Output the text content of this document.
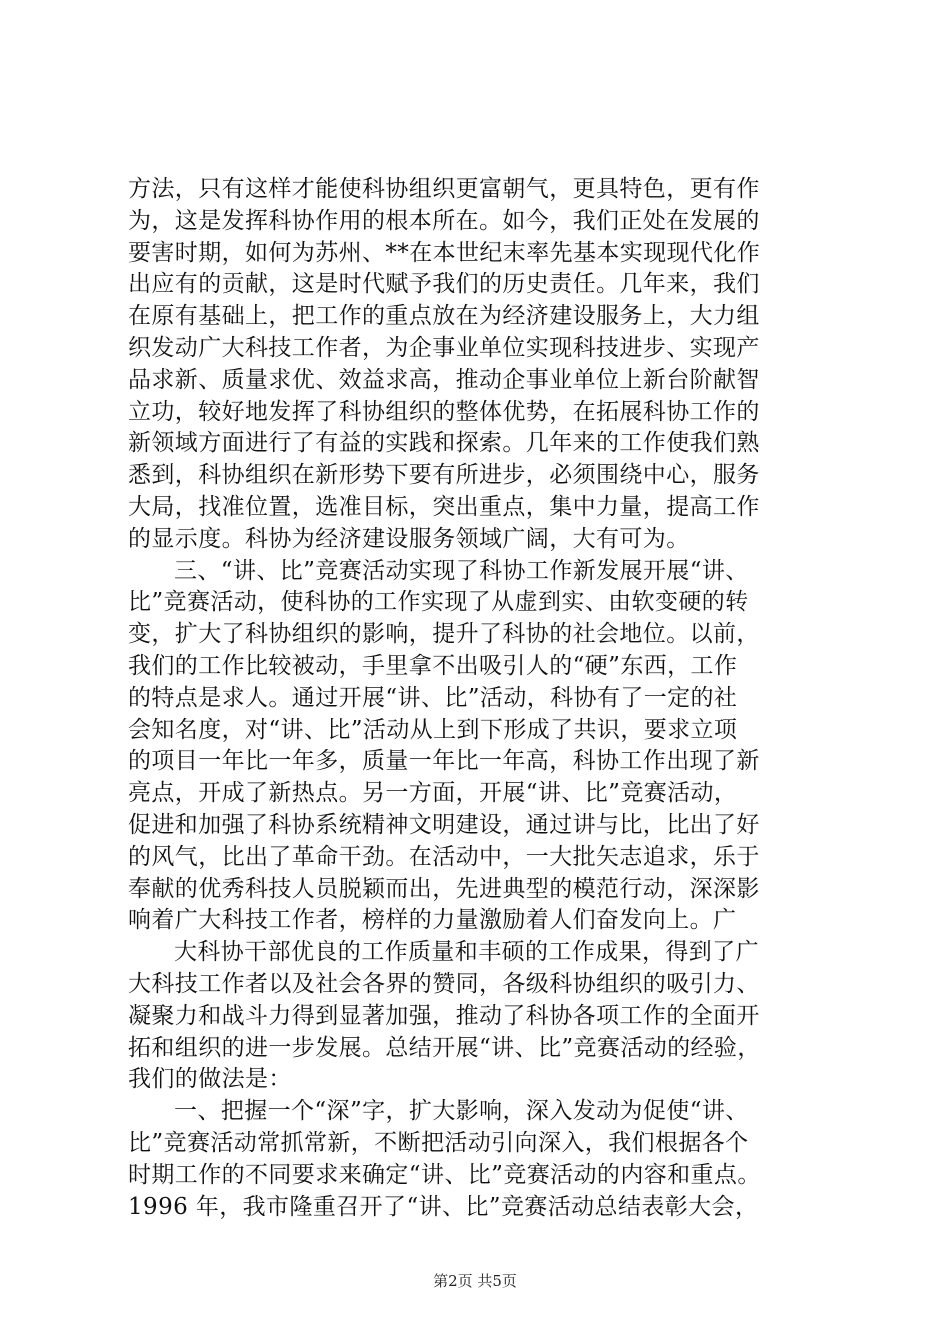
方法，只有这样才能使科协组织更富朝气，更具特色，更有作
为，这是发挥科协作用的根本所在。如今，我们正处在发展的
要害时期，如何为苏州、**在本世纪末率先基本实现现代化作
出应有的贡献，这是时代赋予我们的历史责任。几年来，我们
在原有基础上，把工作的重点放在为经济建设服务上，大力组
织发动广大科技工作者，为企事业单位实现科技进步、实现产
品求新、质量求优、效益求高，推动企事业单位上新台阶献智
立功，较好地发挥了科协组织的整体优势，在拓展科协工作的
新领域方面进行了有益的实践和探索。几年来的工作使我们熟
悉到，科协组织在新形势下要有所进步，必须围绕中心，服务
大局，找准位置，选准目标，突出重点，集中力量，提高工作
的显示度。科协为经济建设服务领域广阔，大有可为。
三、“讲、比”竞赛活动实现了科协工作新发展开展“讲、
比”竞赛活动，使科协的工作实现了从虚到实、由软变硬的转
变，扩大了科协组织的影响，提升了科协的社会地位。以前，
我们的工作比较被动，手里拿不出吸引人的“硬”东西，工作
的特点是求人。通过开展“讲、比”活动，科协有了一定的社
会知名度，对“讲、比”活动从上到下形成了共识，要求立项
的项目一年比一年多，质量一年比一年高，科协工作出现了新
亮点，开成了新热点。另一方面，开展“讲、比”竞赛活动，
促进和加强了科协系统精神文明建设，通过讲与比，比出了好
的风气，比出了革命干劲。在活动中，一大批矢志追求，乐于
奉献的优秀科技人员脱颖而出，先进典型的模范行动，深深影
响着广大科技工作者，榜样的力量激励着人们奋发向上。广
大科协干部优良的工作质量和丰硕的工作成果，得到了广
大科技工作者以及社会各界的赞同，各级科协组织的吸引力、
凝聚力和战斗力得到显著加强，推动了科协各项工作的全面开
拓和组织的进一步发展。总结开展“讲、比”竞赛活动的经验，
我们的做法是：
一、把握一个“深”字，扩大影响，深入发动为促使“讲、
比”竞赛活动常抓常新，不断把活动引向深入，我们根据各个
时期工作的不同要求来确定“讲、比”竞赛活动的内容和重点。
1996 年，我市隆重召开了“讲、比”竞赛活动总结表彰大会，
第2页 共5页
